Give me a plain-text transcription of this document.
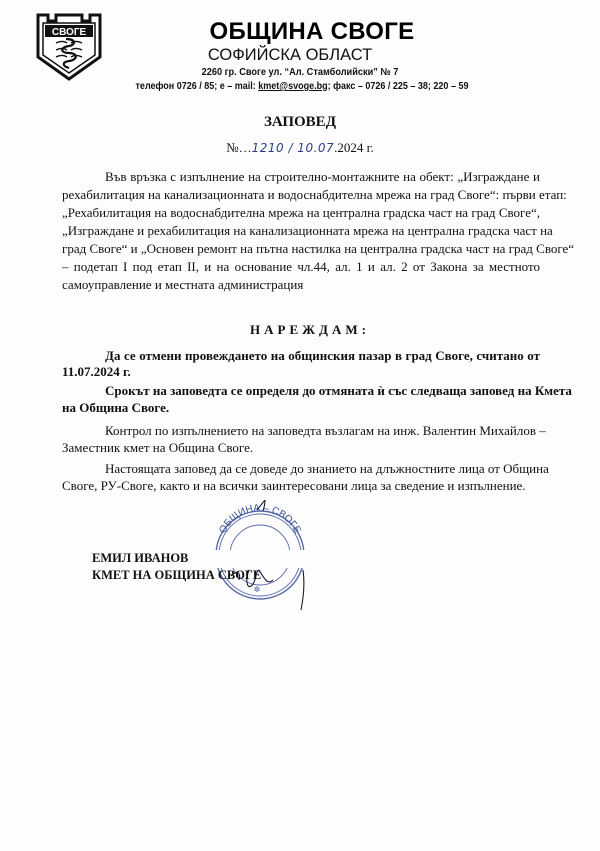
СВОГЕ	ОБЩИНА СВОГЕ
СОФИЙСКА ОБЛАСТ
2260 гр. Своге ул. “Ал. Стамболийски” № 7
телефон 0726 / 85; е – mail: kmet@svoge.bg; факс – 0726 / 225 – 38; 220 – 59
ЗАПОВЕД
№…1210 / 10.07.2024 г.
Във връзка с изпълнение на строително-монтажните на обект: „Изграждане и
рехабилитация на канализационната и водоснабдителна мрежа на град Своге“: първи етап:
„Рехабилитация на водоснабдителна мрежа на централна градска част на град Своге“,
„Изграждане и рехабилитация на канализационната мрежа на централна градска част на
град Своге“ и „Основен ремонт на пътна настилка на централна градска част на град Своге“
– подетап I под етап II, и на основание чл.44, ал. 1 и ал. 2 от Закона за местното
самоуправление и местната администрация
НАРЕЖДАМ:
Да се отмени провеждането на общинския пазар в град Своге, считано от
11.07.2024 г.
Срокът на заповедта се определя до отмяната ѝ със следваща заповед на Кмета
на Община Своге.
Контрол по изпълнението на заповедта възлагам на инж. Валентин Михайлов –
Заместник кмет на Община Своге.
Настоящата заповед да се доведе до знанието на длъжностните лица от Община
Своге, РУ-Своге, както и на всички заинтересовани лица за сведение и изпълнение.
ОБЩИНА – СВОГЕ
✲
ЕМИЛ ИВАНОВ
КМЕТ НА ОБЩИНА СВОГЕ
